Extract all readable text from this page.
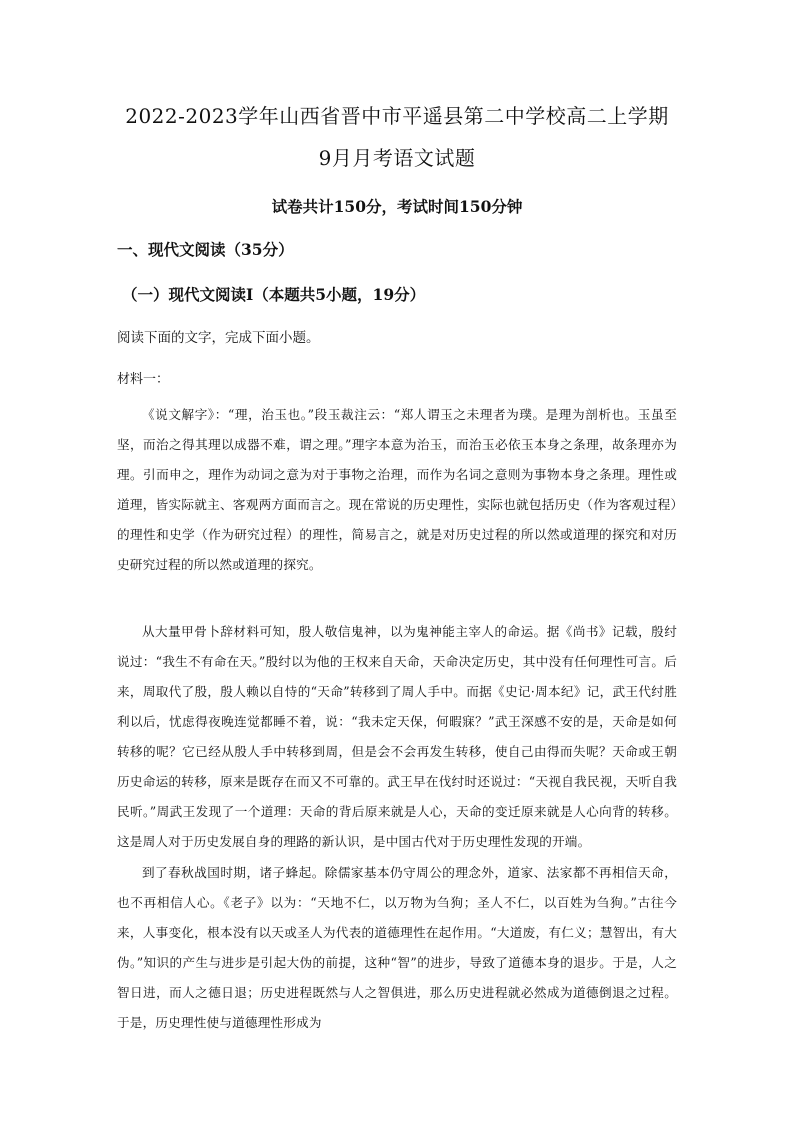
2022-2023学年山西省晋中市平遥县第二中学校高二上学期
9月月考语文试题
试卷共计150分，考试时间150分钟
一、现代文阅读（35分）
（一）现代文阅读Ⅰ（本题共5小题，19分）
阅读下面的文字，完成下面小题。
材料一：

《说文解字》：“理，治玉也。”段玉裁注云：“郑人谓玉之未理者为璞。是理为剖析也。玉虽至坚，而治之得其理以成器不难，谓之理。”理字本意为治玉，而治玉必依玉本身之条理，故条理亦为理。引而申之，理作为动词之意为对于事物之治理，而作为名词之意则为事物本身之条理。理性或道理，皆实际就主、客观两方面而言之。现在常说的历史理性，实际也就包括历史（作为客观过程）的理性和史学（作为研究过程）的理性，简易言之，就是对历史过程的所以然或道理的探究和对历史研究过程的所以然或道理的探究。

从大量甲骨卜辞材料可知，殷人敬信鬼神，以为鬼神能主宰人的命运。据《尚书》记载，殷纣说过：“我生不有命在天。”殷纣以为他的王权来自天命，天命决定历史，其中没有任何理性可言。后来，周取代了殷，殷人赖以自恃的“天命”转移到了周人手中。而据《史记·周本纪》记，武王代纣胜利以后，忧虑得夜晚连觉都睡不着，说：“我未定天保，何暇寐？”武王深感不安的是，天命是如何转移的呢？它已经从殷人手中转移到周，但是会不会再发生转移，使自己由得而失呢？天命或王朝历史命运的转移，原来是既存在而又不可靠的。武王早在伐纣时还说过：“天视自我民视，天听自我民听。”周武王发现了一个道理：天命的背后原来就是人心，天命的变迁原来就是人心向背的转移。这是周人对于历史发展自身的理路的新认识，是中国古代对于历史理性发现的开端。

到了春秋战国时期，诸子蜂起。除儒家基本仍守周公的理念外，道家、法家都不再相信天命，也不再相信人心。《老子》以为：“天地不仁，以万物为刍狗；圣人不仁，以百姓为刍狗。”古往今来，人事变化，根本没有以天或圣人为代表的道德理性在起作用。“大道废，有仁义；慧智出，有大伪。”知识的产生与进步是引起大伪的前提，这种“智”的进步，导致了道德本身的退步。于是，人之智日进，而人之德日退；历史进程既然与人之智俱进，那么历史进程就必然成为道德倒退之过程。于是，历史理性使与道德理性形成为
